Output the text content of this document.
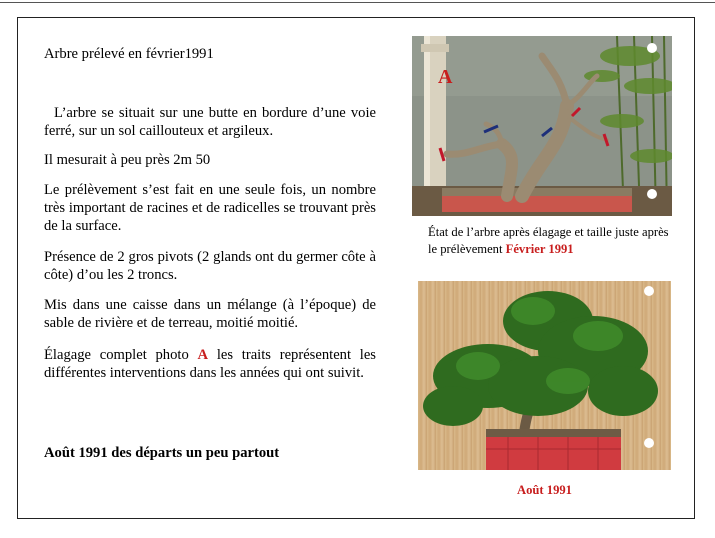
Arbre prélevé en février1991

L’arbre se situait sur une butte en bordure d’une voie ferré, sur un sol caillouteux et argileux.

Il mesurait à peu près 2m 50

Le prélèvement s’est fait en une seule fois, un nombre très important de racines et de radicelles se trouvant près de la surface.

Présence de 2 gros pivots (2 glands ont du germer côte à côte) d’ou les 2 troncs.

Mis dans une caisse dans un mélange (à l’époque) de sable de rivière et de terreau, moitié moitié.

Élagage complet photo A les traits représentent les différentes interventions dans les années qui ont suivit.

Août 1991 des départs un peu partout

A
État de l’arbre après élagage et taille juste après le prélèvement Février 1991
Août 1991
